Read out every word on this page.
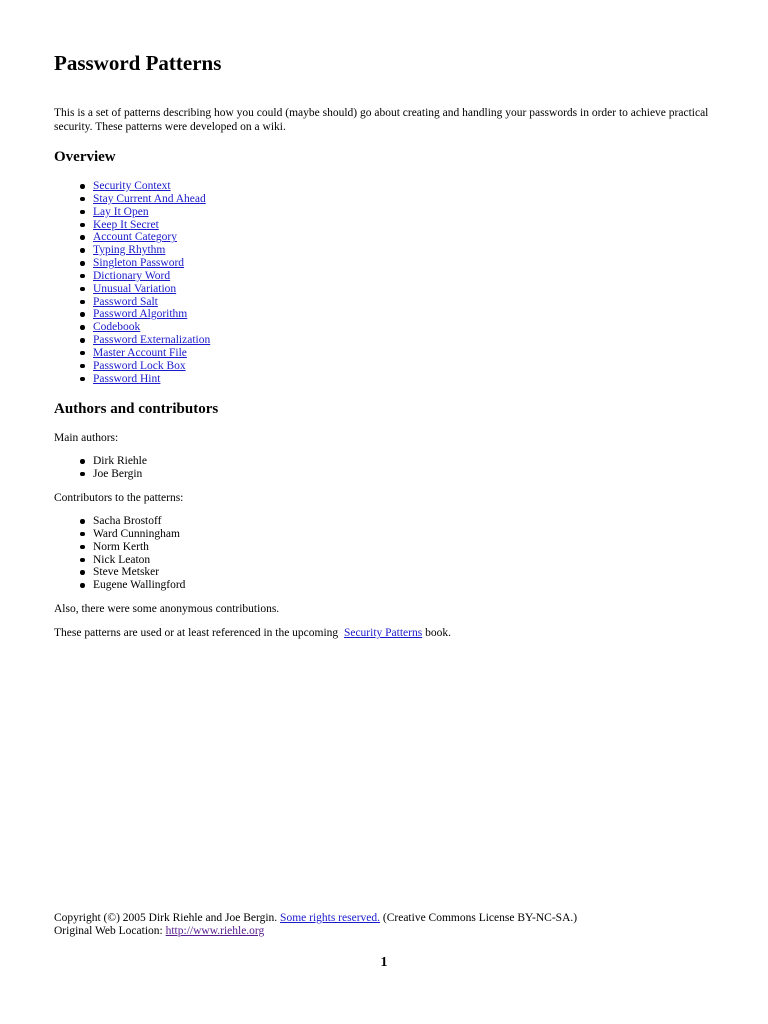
Password Patterns

This is a set of patterns describing how you could (maybe should) go about creating and handling your passwords in order to achieve practical security. These patterns were developed on a wiki.

Overview
Security Context
Stay Current And Ahead
Lay It Open
Keep It Secret
Account Category
Typing Rhythm
Singleton Password
Dictionary Word
Unusual Variation
Password Salt
Password Algorithm
Codebook
Password Externalization
Master Account File
Password Lock Box
Password Hint
Authors and contributors

Main authors:

Dirk Riehle
Joe Bergin

Contributors to the patterns:

Sacha Brostoff
Ward Cunningham
Norm Kerth
Nick Leaton
Steve Metsker
Eugene Wallingford

Also, there were some anonymous contributions.

These patterns are used or at least referenced in the upcoming Security Patterns book.

Copyright (©) 2005 Dirk Riehle and Joe Bergin. Some rights reserved. (Creative Commons License BY-NC-SA.)
Original Web Location: http://www.riehle.org
1
